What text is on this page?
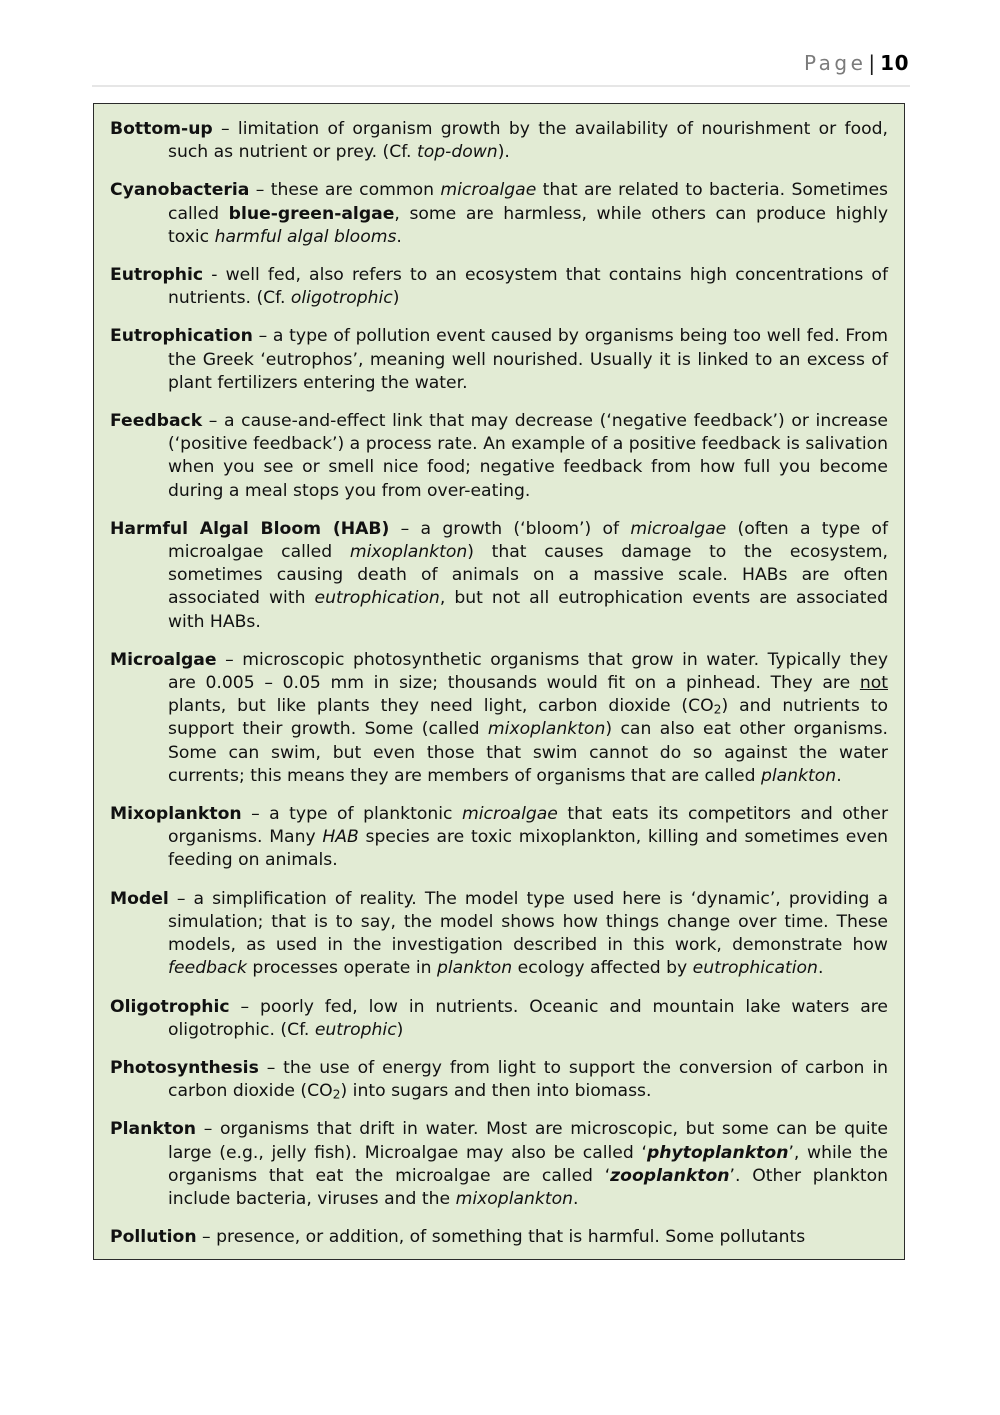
Page | 10

Bottom-up – limitation of organism growth by the availability of nourishment or food, such as nutrient or prey. (Cf. top-down).

Cyanobacteria – these are common microalgae that are related to bacteria. Sometimes called blue-green-algae, some are harmless, while others can produce highly toxic harmful algal blooms.

Eutrophic - well fed, also refers to an ecosystem that contains high concentrations of nutrients. (Cf. oligotrophic)

Eutrophication – a type of pollution event caused by organisms being too well fed. From the Greek ‘eutrophos’, meaning well nourished. Usually it is linked to an excess of plant fertilizers entering the water.

Feedback – a cause-and-effect link that may decrease (‘negative feedback’) or increase (‘positive feedback’) a process rate. An example of a positive feedback is salivation when you see or smell nice food; negative feedback from how full you become during a meal stops you from over-eating.

Harmful Algal Bloom (HAB) – a growth (‘bloom’) of microalgae (often a type of microalgae called mixoplankton) that causes damage to the ecosystem, sometimes causing death of animals on a massive scale. HABs are often associated with eutrophication, but not all eutrophication events are associated with HABs.

Microalgae – microscopic photosynthetic organisms that grow in water. Typically they are 0.005 – 0.05 mm in size; thousands would fit on a pinhead. They are not plants, but like plants they need light, carbon dioxide $(CO_2)$ and nutrients to support their growth. Some (called mixoplankton) can also eat other organisms. Some can swim, but even those that swim cannot do so against the water currents; this means they are members of organisms that are called plankton.

Mixoplankton – a type of planktonic microalgae that eats its competitors and other organisms. Many HAB species are toxic mixoplankton, killing and sometimes even feeding on animals.

Model – a simplification of reality. The model type used here is ‘dynamic’, providing a simulation; that is to say, the model shows how things change over time. These models, as used in the investigation described in this work, demonstrate how feedback processes operate in plankton ecology affected by eutrophication.

Oligotrophic – poorly fed, low in nutrients. Oceanic and mountain lake waters are oligotrophic. (Cf. eutrophic)

Photosynthesis – the use of energy from light to support the conversion of carbon in carbon dioxide $(CO_2)$ into sugars and then into biomass.

Plankton – organisms that drift in water. Most are microscopic, but some can be quite large (e.g., jelly fish). Microalgae may also be called ‘phytoplankton’, while the organisms that eat the microalgae are called ‘zooplankton’. Other plankton include bacteria, viruses and the mixoplankton.

Pollution – presence, or addition, of something that is harmful. Some pollutants
